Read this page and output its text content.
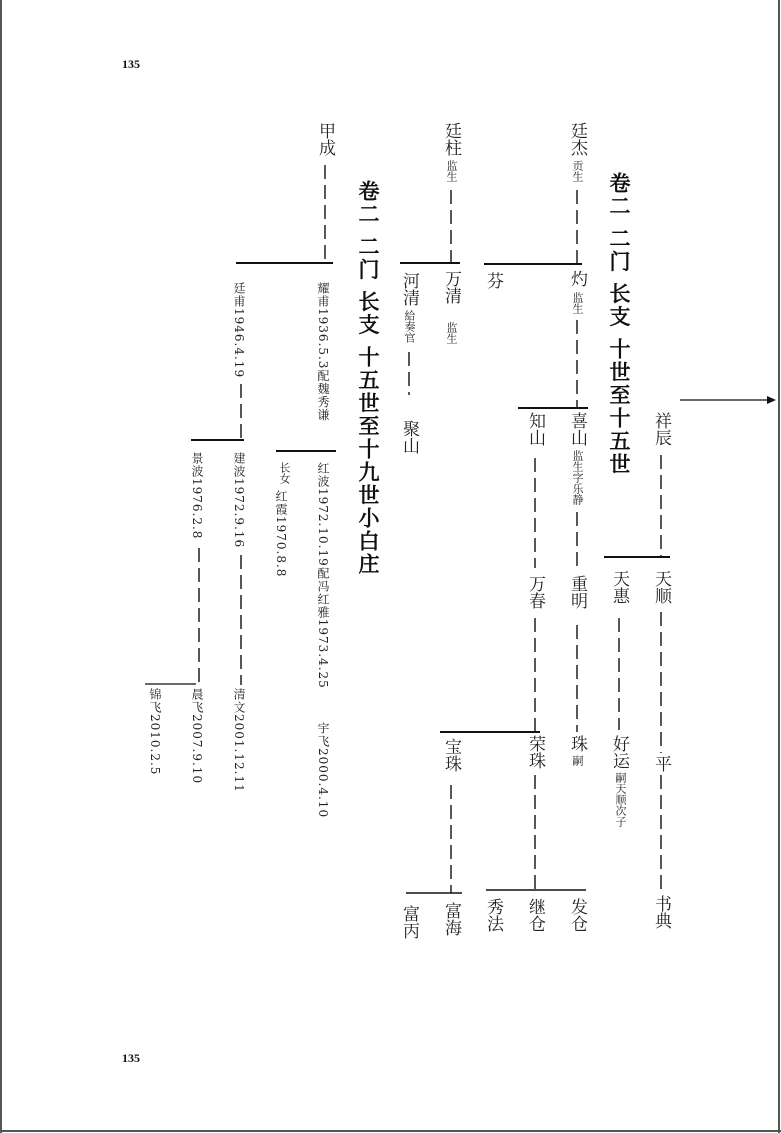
135
135
卷二 二门 长支 十世至十五世 祥辰
天顺
平
书典
天惠
好运
嗣天顺次子
廷杰
贡生
灼
监生
喜山
监生字乐静
重明
珠
嗣
发仓
知山
万春
荣珠
继仓
芬
秀法
廷柱
监生
万清
监生
宝珠
富海
河清
給奏官
聚山
富丙
卷二 二门 长支 十五世至十九世小白庄
甲成
耀甫1936.5.3配魏秀谦
红波1972.10.19配冯红雅1973.4.25
宇飞2000.4.10
长女
红霞1970.8.8
廷甫1946.4.19
建波1972.9.16
清文2001.12.11
景波1976.2.8
晨飞2007.9.10
锦飞2010.2.5
